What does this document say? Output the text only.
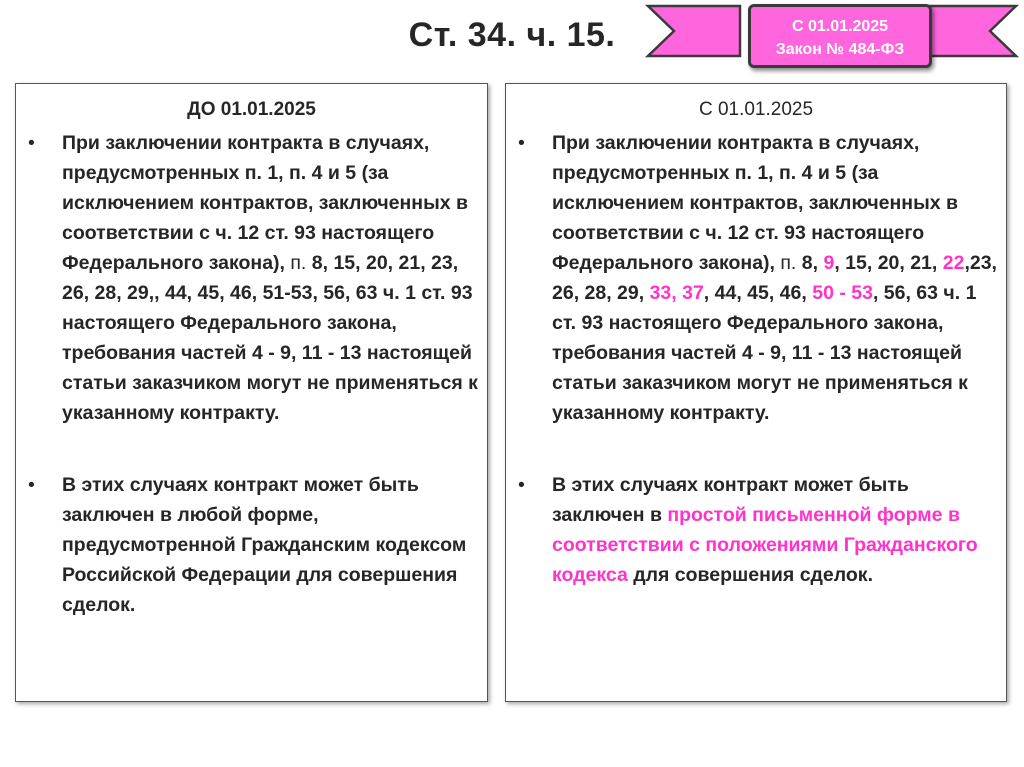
Ст. 34. ч. 15.	С 01.01.2025
Закон № 484-ФЗ
ДО 01.01.2025
• При заключении контракта в случаях, предусмотренных п. 1, п. 4 и 5 (за исключением контрактов, заключенных в соответствии с ч. 12 ст. 93 настоящего Федерального закона), п. 8, 15, 20, 21, 23, 26, 28, 29,, 44, 45, 46, 51-53, 56, 63 ч. 1 ст. 93 настоящего Федерального закона, требования частей 4 - 9, 11 - 13 настоящей статьи заказчиком могут не применяться к указанному контракту.
• В этих случаях контракт может быть заключен в любой форме, предусмотренной Гражданским кодексом Российской Федерации для совершения сделок.
С 01.01.2025
• При заключении контракта в случаях, предусмотренных п. 1, п. 4 и 5 (за исключением контрактов, заключенных в соответствии с ч. 12 ст. 93 настоящего Федерального закона), п. 8, 9, 15, 20, 21, 22,23, 26, 28, 29, 33, 37, 44, 45, 46, 50 - 53, 56, 63 ч. 1 ст. 93 настоящего Федерального закона, требования частей 4 - 9, 11 - 13 настоящей статьи заказчиком могут не применяться к указанному контракту.
• В этих случаях контракт может быть заключен в простой письменной форме в соответствии с положениями Гражданского кодекса для совершения сделок.
